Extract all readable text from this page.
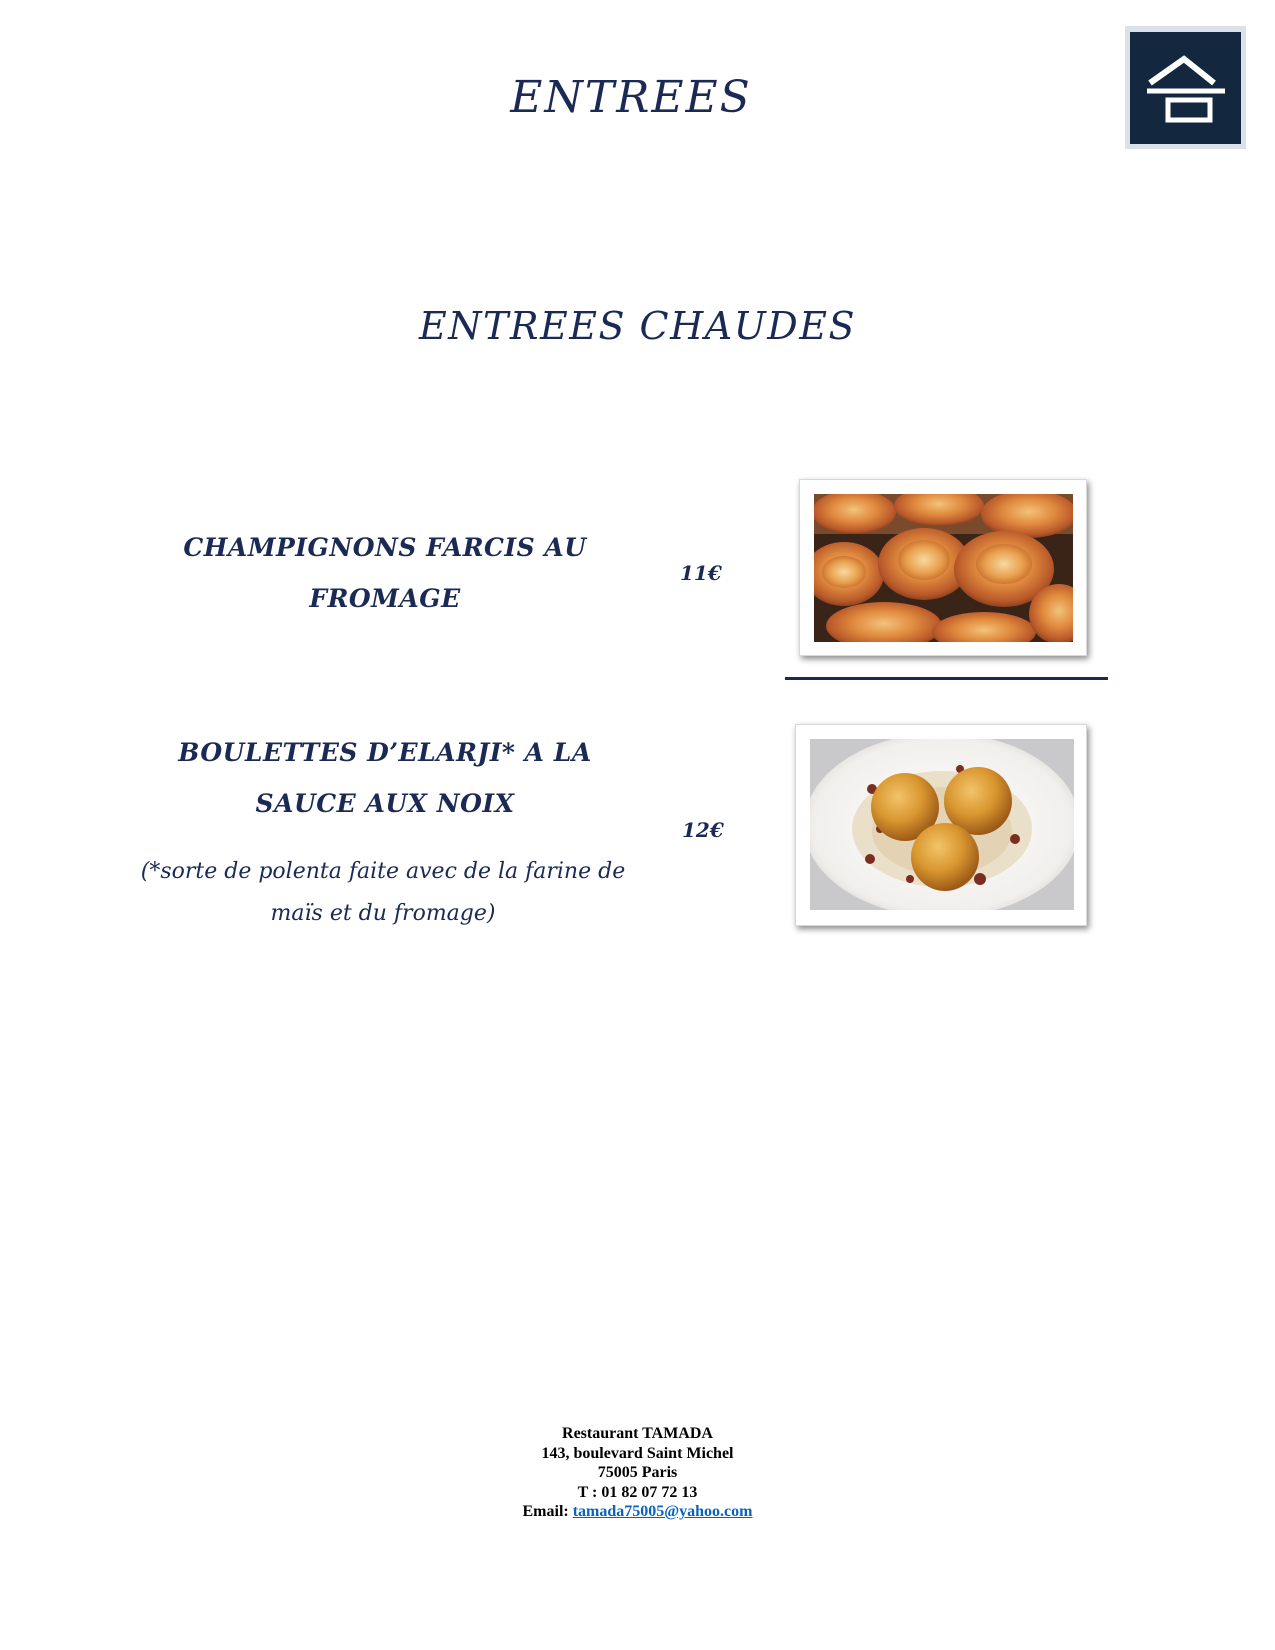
ENTREES
ENTREES CHAUDES
CHAMPIGNONS FARCIS AU
FROMAGE
11€
BOULETTES D’ELARJI* A LA
SAUCE AUX NOIX
(*sorte de polenta faite avec de la farine de
maïs et du fromage)
12€
Restaurant TAMADA
143, boulevard Saint Michel
75005 Paris
T : 01 82 07 72 13
Email: tamada75005@yahoo.com
